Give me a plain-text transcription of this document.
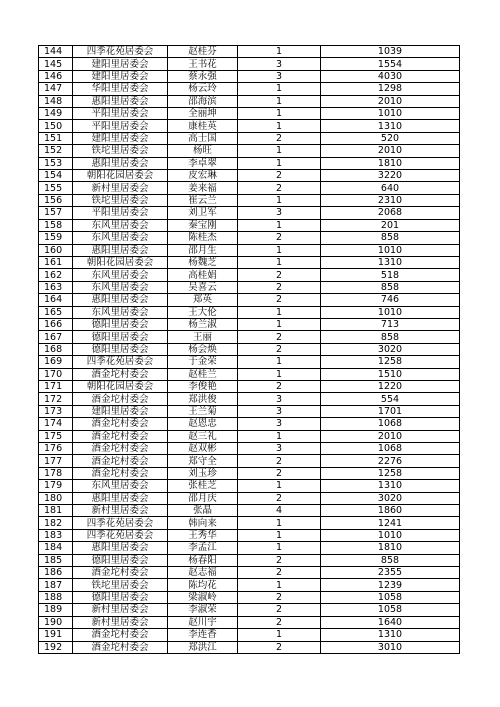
144	四季花苑居委会	赵桂芬	1	1039
145	建阳里居委会	王书花	3	1554
146	建阳里居委会	蔡永强	3	4030
147	华阳里居委会	杨云玲	1	1298
148	惠阳里居委会	邵海滨	1	2010
149	平阳里居委会	全丽坤	1	1010
150	平阳里居委会	康桂英	1	1310
151	建阳里居委会	高士国	2	520
152	铁坨里居委会	杨旺	1	2010
153	惠阳里居委会	李卓翠	1	1810
154	朝阳花园居委会	皮宏琳	2	3220
155	新村里居委会	姜来福	2	640
156	铁坨里居委会	崔云兰	1	2310
157	平阳里居委会	刘卫军	3	2068
158	东风里居委会	秦宝刚	1	201
159	东风里居委会	陈桂杰	2	858
160	惠阳里居委会	邵月生	1	1010
161	朝阳花园居委会	杨魏芝	1	1310
162	东风里居委会	高桂娟	2	518
163	东风里居委会	吴喜云	2	858
164	惠阳里居委会	郑英	2	746
165	东风里居委会	王大伦	1	1010
166	德阳里居委会	杨兰淑	1	713
167	德阳里居委会	王丽	2	858
168	德阳里居委会	杨会焕	2	3020
169	四季花苑居委会	于金荣	1	1258
170	酒金坨村委会	赵桂兰	1	1510
171	朝阳花园居委会	李俊艳	2	1220
172	酒金坨村委会	郑洪俊	3	554
173	建阳里居委会	王兰菊	3	1701
174	酒金坨村委会	赵恩忠	3	1068
175	酒金坨村委会	赵三礼	1	2010
176	酒金坨村委会	赵双彬	3	1068
177	酒金坨村委会	郑守全	2	2276
178	酒金坨村委会	刘玉珍	2	1258
179	东风里居委会	张桂芝	1	1310
180	惠阳里居委会	邵月庆	2	3020
181	新村里居委会	张晶	4	1860
182	四季花苑居委会	韩向来	1	1241
183	四季花苑居委会	王秀华	1	1010
184	惠阳里居委会	李孟江	1	1810
185	德阳里居委会	杨春阳	2	858
186	酒金坨村委会	赵志福	2	2355
187	铁坨里居委会	陈均花	1	1239
188	德阳里居委会	梁淑岭	2	1058
189	新村里居委会	李淑荣	2	1058
190	新村里居委会	赵川宇	2	1640
191	酒金坨村委会	李连香	1	1310
192	酒金坨村委会	郑洪江	2	3010
